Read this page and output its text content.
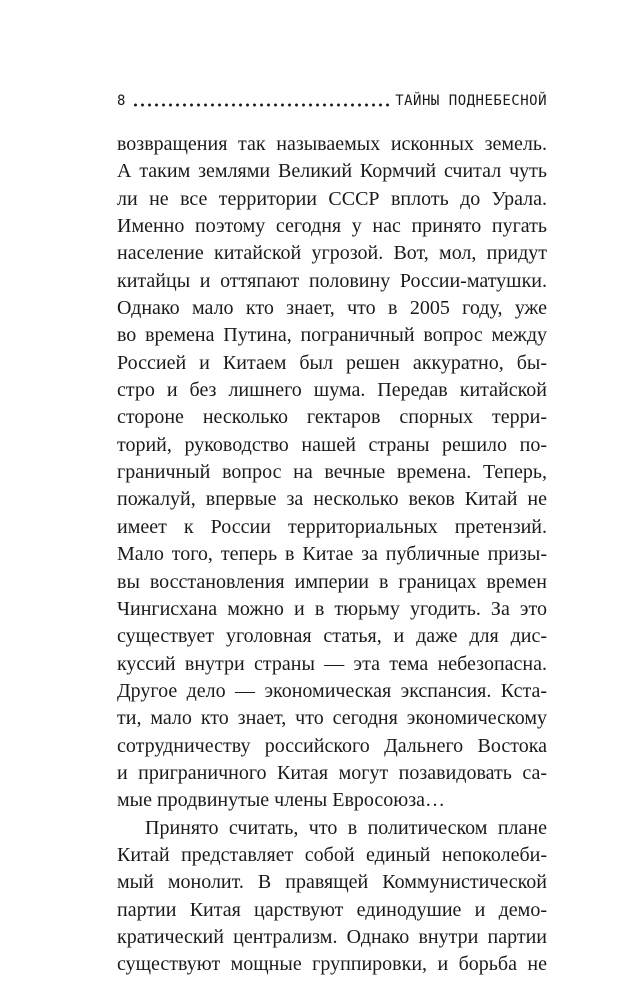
8	ТАЙНЫ ПОДНЕБЕСНОЙ
возвращения так называемых исконных земель.
А таким землями Великий Кормчий считал чуть
ли не все территории СССР вплоть до Урала.
Именно поэтому сегодня у нас принято пугать
население китайской угрозой. Вот, мол, придут
китайцы и оттяпают половину России-матушки.
Однако мало кто знает, что в 2005 году, уже
во времена Путина, пограничный вопрос между
Россией и Китаем был решен аккуратно, бы-
стро и без лишнего шума. Передав китайской
стороне несколько гектаров спорных терри-
торий, руководство нашей страны решило по-
граничный вопрос на вечные времена. Теперь,
пожалуй, впервые за несколько веков Китай не
имеет к России территориальных претензий.
Мало того, теперь в Китае за публичные призы-
вы восстановления империи в границах времен
Чингисхана можно и в тюрьму угодить. За это
существует уголовная статья, и даже для дис-
куссий внутри страны — эта тема небезопасна.
Другое дело — экономическая экспансия. Кста-
ти, мало кто знает, что сегодня экономическому
сотрудничеству российского Дальнего Востока
и приграничного Китая могут позавидовать са-
мые продвинутые члены Евросоюза…
Принято считать, что в политическом плане
Китай представляет собой единый непоколеби-
мый монолит. В правящей Коммунистической
партии Китая царствуют единодушие и демо-
кратический централизм. Однако внутри партии
существуют мощные группировки, и борьба не
